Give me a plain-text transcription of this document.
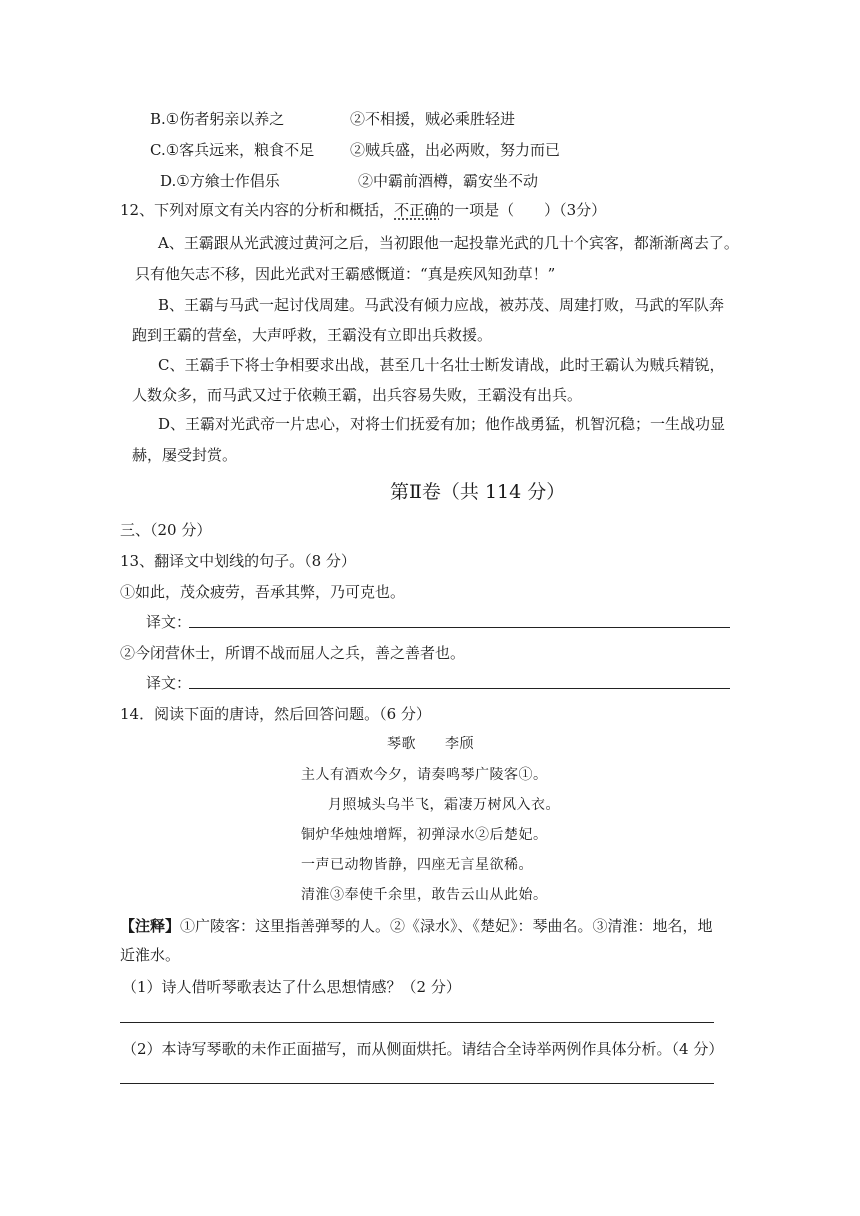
B.①伤者躬亲以养之	②不相援，贼必乘胜轻进
C.①客兵远来，粮食不足 ②贼兵盛，出必两败，努力而已
D.①方飨士作倡乐	②中霸前酒樽，霸安坐不动
12、下列对原文有关内容的分析和概括，不正确的一项是（　　）（3分）
A、王霸跟从光武渡过黄河之后，当初跟他一起投靠光武的几十个宾客，都渐渐离去了。
只有他矢志不移，因此光武对王霸感慨道：“真是疾风知劲草！”
B、王霸与马武一起讨伐周建。马武没有倾力应战，被苏茂、周建打败，马武的军队奔
跑到王霸的营垒，大声呼救，王霸没有立即出兵救援。
C、王霸手下将士争相要求出战，甚至几十名壮士断发请战，此时王霸认为贼兵精锐，
人数众多，而马武又过于依赖王霸，出兵容易失败，王霸没有出兵。
D、王霸对光武帝一片忠心，对将士们抚爱有加；他作战勇猛，机智沉稳；一生战功显
赫，屡受封赏。
第Ⅱ卷（共 114 分）
三、（20 分）
13、翻译文中划线的句子。（8 分）
①如此，茂众疲劳，吾承其弊，乃可克也。
译文：
②今闭营休士，所谓不战而屈人之兵，善之善者也。
译文：
14．阅读下面的唐诗，然后回答问题。（6 分）
琴歌　　李颀
主人有酒欢今夕，请奏鸣琴广陵客①。
月照城头乌半飞，霜凄万树风入衣。
铜炉华烛烛增辉，初弹渌水②后楚妃。
一声已动物皆静，四座无言星欲稀。
清淮③奉使千余里，敢告云山从此始。
【注释】①广陵客：这里指善弹琴的人。②《渌水》、《楚妃》：琴曲名。③清淮：地名，地
近淮水。
（1）诗人借听琴歌表达了什么思想情感？（2 分）
（2）本诗写琴歌的未作正面描写，而从侧面烘托。请结合全诗举两例作具体分析。（4 分）
